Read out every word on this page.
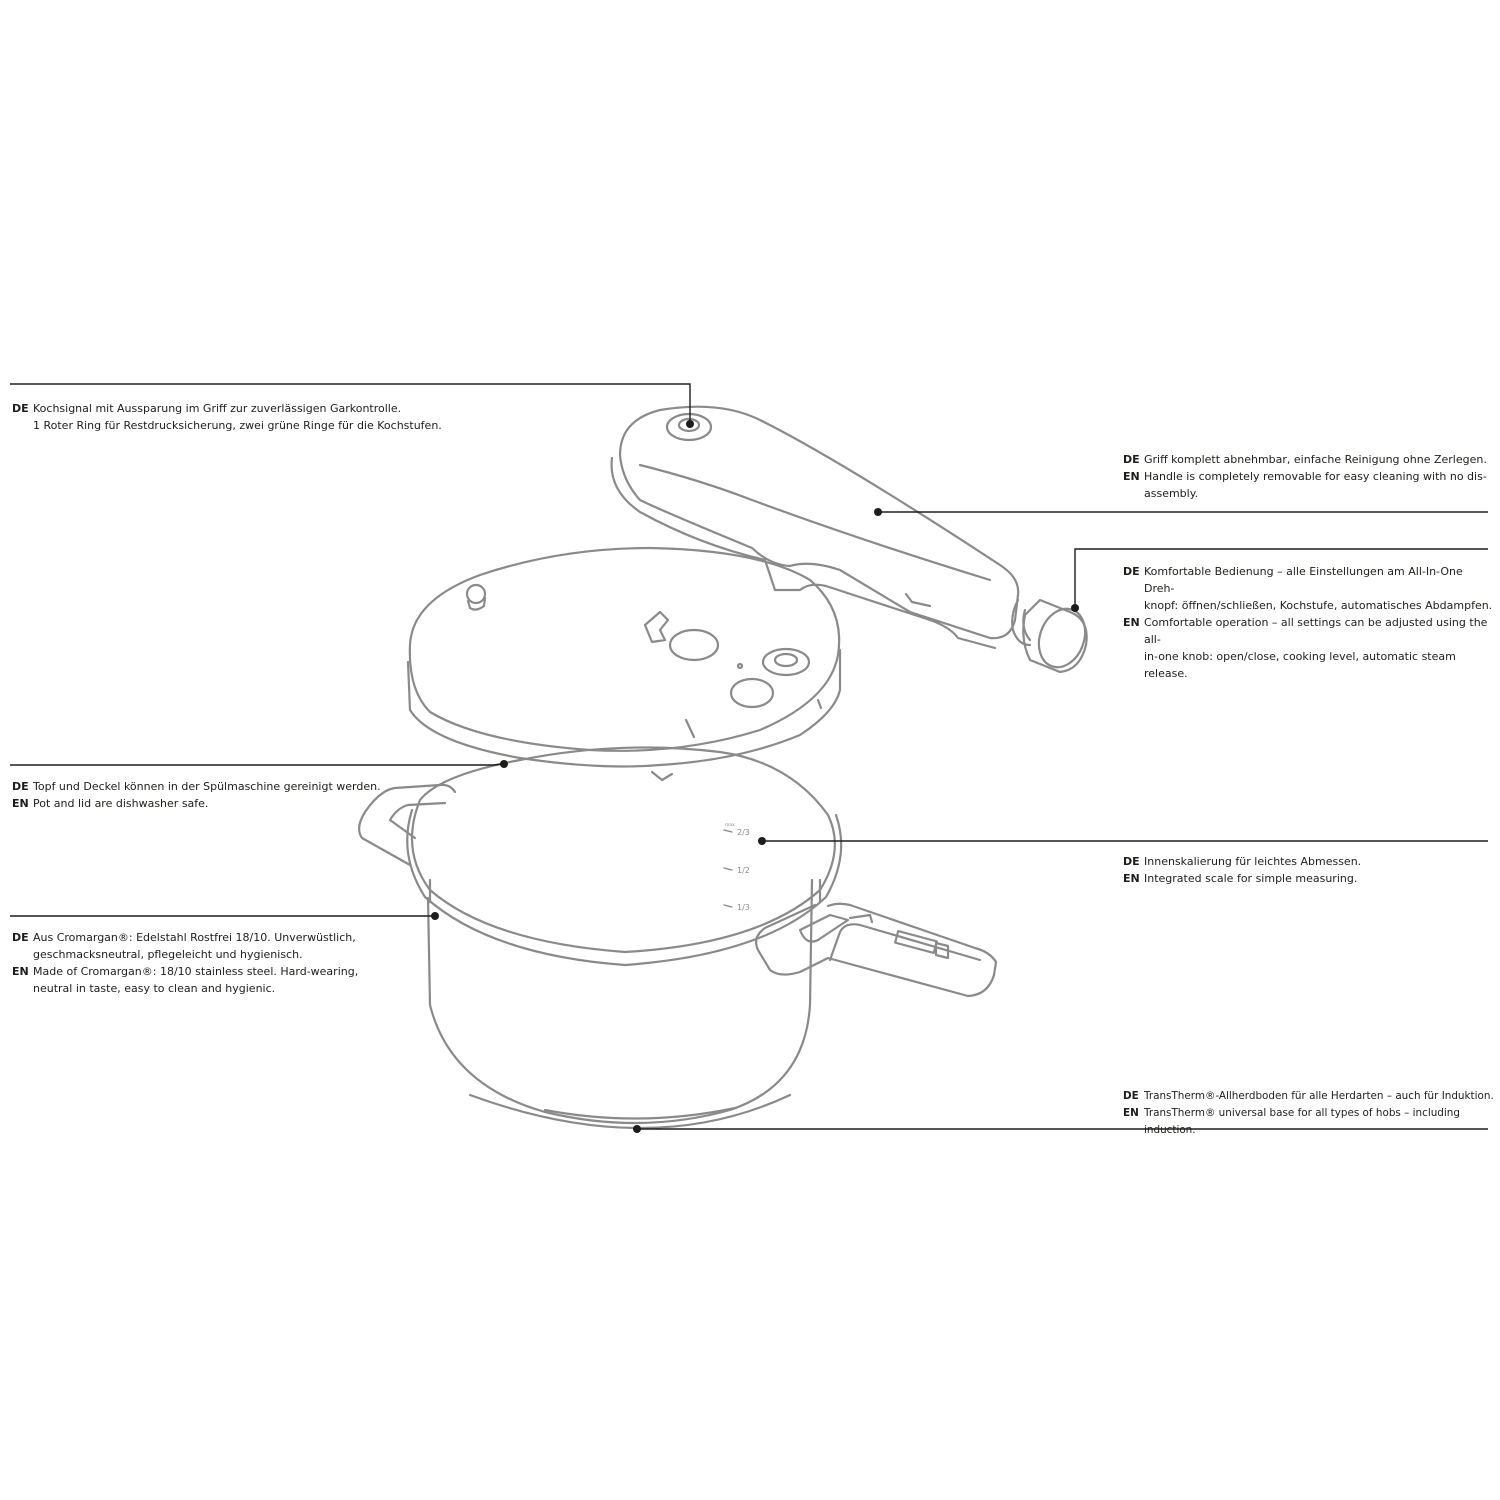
max
2/3
1/2
1/3
DE Kochsignal mit Aussparung im Griff zur zuverlässigen Garkontrolle.
1 Roter Ring für Restdrucksicherung, zwei grüne Ringe für die Kochstufen.
DE Griff komplett abnehmbar, einfache Reinigung ohne Zerlegen.
EN Handle is completely removable for easy cleaning with no dis-
assembly.
DE Komfortable Bedienung – alle Einstellungen am All-In-One Dreh-
knopf: öffnen/schließen, Kochstufe, automatisches Abdampfen.
EN Comfortable operation – all settings can be adjusted using the all-
in-one knob: open/close, cooking level, automatic steam release.
DE Topf und Deckel können in der Spülmaschine gereinigt werden.
EN Pot and lid are dishwasher safe.
DE Innenskalierung für leichtes Abmessen.
EN Integrated scale for simple measuring.
DE Aus Cromargan®: Edelstahl Rostfrei 18/10. Unverwüstlich,
geschmacksneutral, pflegeleicht und hygienisch.
EN Made of Cromargan®: 18/10 stainless steel. Hard-wearing,
neutral in taste, easy to clean and hygienic.
DE TransTherm®-Allherdboden für alle Herdarten – auch für Induktion.
EN TransTherm® universal base for all types of hobs – including induction.
